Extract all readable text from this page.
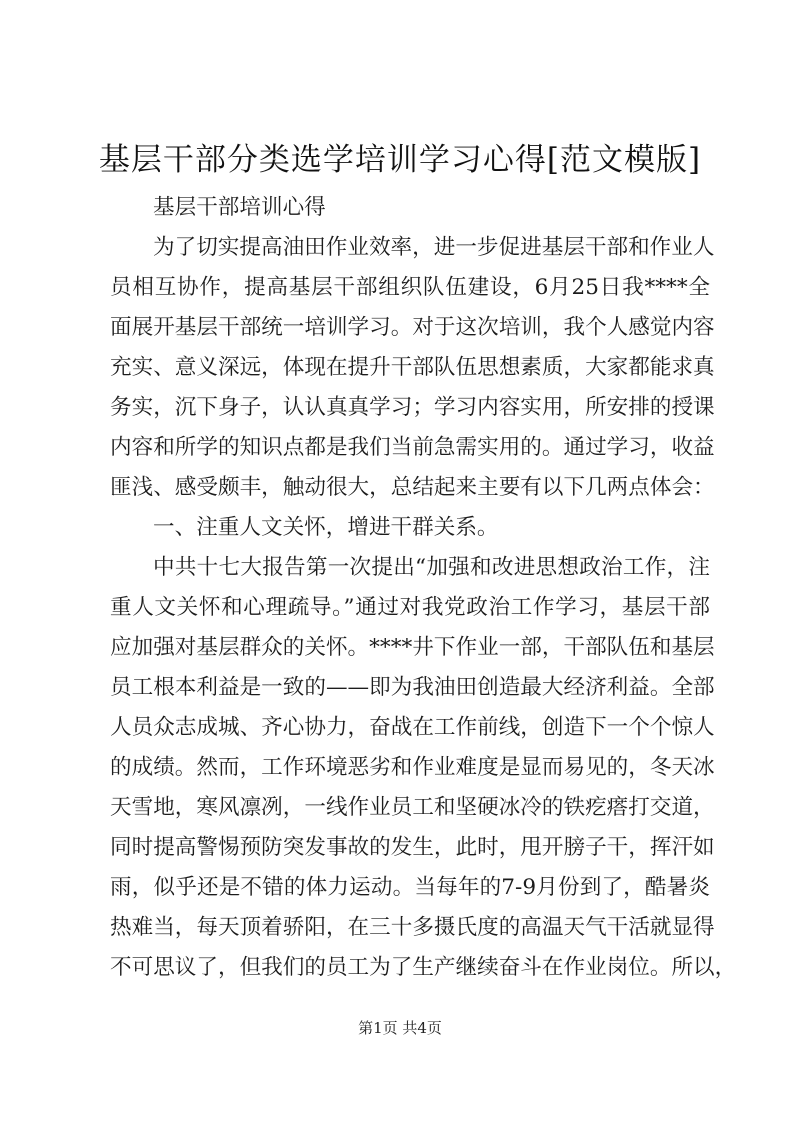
基层干部分类选学培训学习心得[范文模版]
基层干部培训心得
为了切实提高油田作业效率，进一步促进基层干部和作业人
员相互协作，提高基层干部组织队伍建设，6月25日我****全
面展开基层干部统一培训学习。对于这次培训，我个人感觉内容
充实、意义深远，体现在提升干部队伍思想素质，大家都能求真
务实，沉下身子，认认真真学习；学习内容实用，所安排的授课
内容和所学的知识点都是我们当前急需实用的。通过学习，收益
匪浅、感受颇丰，触动很大，总结起来主要有以下几两点体会：
一、注重人文关怀，增进干群关系。
中共十七大报告第一次提出“加强和改进思想政治工作，注
重人文关怀和心理疏导。”通过对我党政治工作学习，基层干部
应加强对基层群众的关怀。****井下作业一部，干部队伍和基层
员工根本利益是一致的——即为我油田创造最大经济利益。全部
人员众志成城、齐心协力，奋战在工作前线，创造下一个个惊人
的成绩。然而，工作环境恶劣和作业难度是显而易见的，冬天冰
天雪地，寒风凛冽，一线作业员工和坚硬冰冷的铁疙瘩打交道，
同时提高警惕预防突发事故的发生，此时，甩开膀子干，挥汗如
雨，似乎还是不错的体力运动。当每年的7-9月份到了，酷暑炎
热难当，每天顶着骄阳，在三十多摄氏度的高温天气干活就显得
不可思议了，但我们的员工为了生产继续奋斗在作业岗位。所以，
第1页 共4页
